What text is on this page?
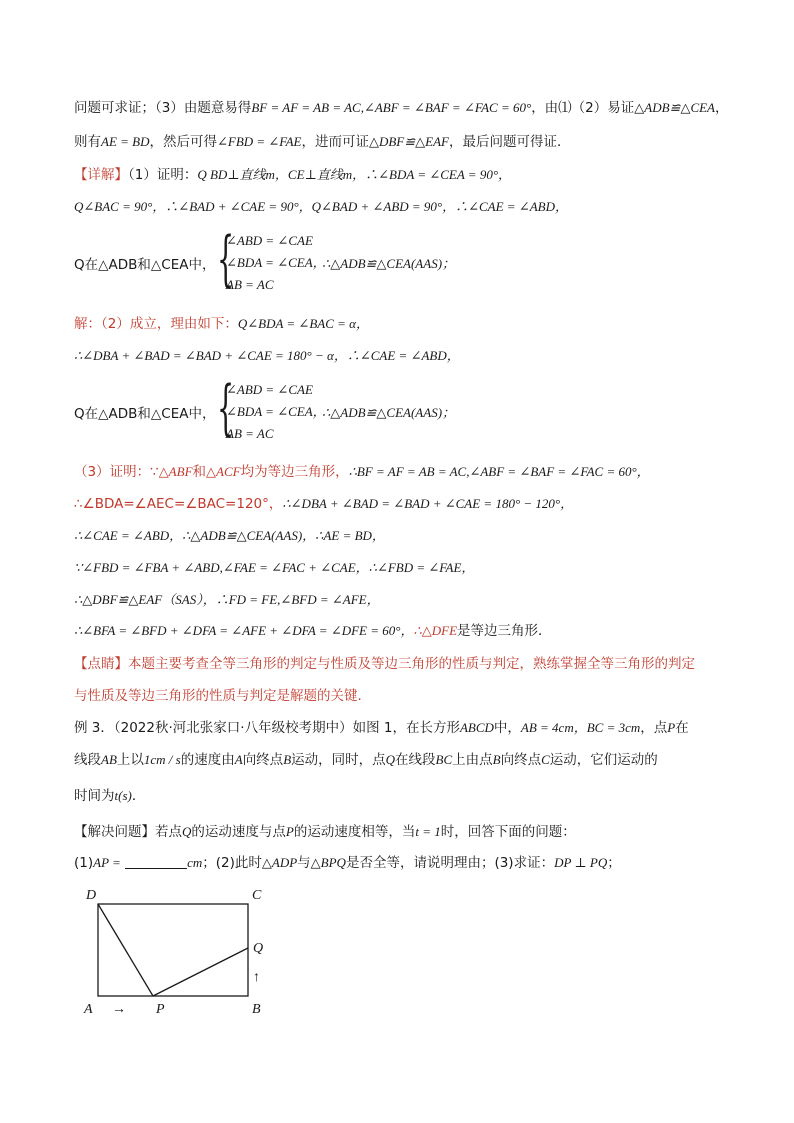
问题可求证；（3）由题意易得BF = AF = AB = AC,∠ABF = ∠BAF = ∠FAC = 60°，由⑴（2）易证△ADB≌△CEA，
则有AE = BD，然后可得∠FBD = ∠FAE，进而可证△DBF≌△EAF，最后问题可得证．
【详解】（1）证明：Q BD⊥直线m，CE⊥直线m，∴∠BDA = ∠CEA = 90°，
Q∠BAC = 90°，∴∠BAD + ∠CAE = 90°，Q∠BAD + ∠ABD = 90°，∴∠CAE = ∠ABD，
Q在△ADB和△CEA中， {
∠ABD = ∠CAE
∠BDA = ∠CEA，
AB = AC
∴△ADB≌△CEA(AAS)；
解：（2）成立，理由如下：Q∠BDA = ∠BAC = α，
∴∠DBA + ∠BAD = ∠BAD + ∠CAE = 180° − α，∴∠CAE = ∠ABD，
Q在△ADB和△CEA中， {
∠ABD = ∠CAE
∠BDA = ∠CEA，
AB = AC
∴△ADB≌△CEA(AAS)；
（3）证明：∵△ABF和△ACF均为等边三角形，∴BF = AF = AB = AC,∠ABF = ∠BAF = ∠FAC = 60°，
∴∠BDA=∠AEC=∠BAC=120°，∴∠DBA + ∠BAD = ∠BAD + ∠CAE = 180° − 120°，
∴∠CAE = ∠ABD，∴△ADB≌△CEA(AAS)，∴AE = BD，
∵∠FBD = ∠FBA + ∠ABD,∠FAE = ∠FAC + ∠CAE，∴∠FBD = ∠FAE，
∴△DBF≌△EAF（SAS），∴FD = FE,∠BFD = ∠AFE，
∴∠BFA = ∠BFD + ∠DFA = ∠AFE + ∠DFA = ∠DFE = 60°，∴△DFE是等边三角形．
【点睛】本题主要考查全等三角形的判定与性质及等边三角形的性质与判定，熟练掌握全等三角形的判定
与性质及等边三角形的性质与判定是解题的关键．
例 3．（2022秋·河北张家口·八年级校考期中）如图 1，在长方形ABCD中，AB = 4cm，BC = 3cm，点P在
线段AB上以1cm / s的速度由A向终点B运动，同时，点Q在线段BC上由点B向终点C运动，它们运动的
时间为t(s)．
【解决问题】若点Q的运动速度与点P的运动速度相等，当t = 1时，回答下面的问题：
(1)AP =	cm；(2)此时△ADP与△BPQ是否全等，请说明理由；(3)求证：DP ⊥ PQ；
D	C
Q
A	P	B
→
↑
